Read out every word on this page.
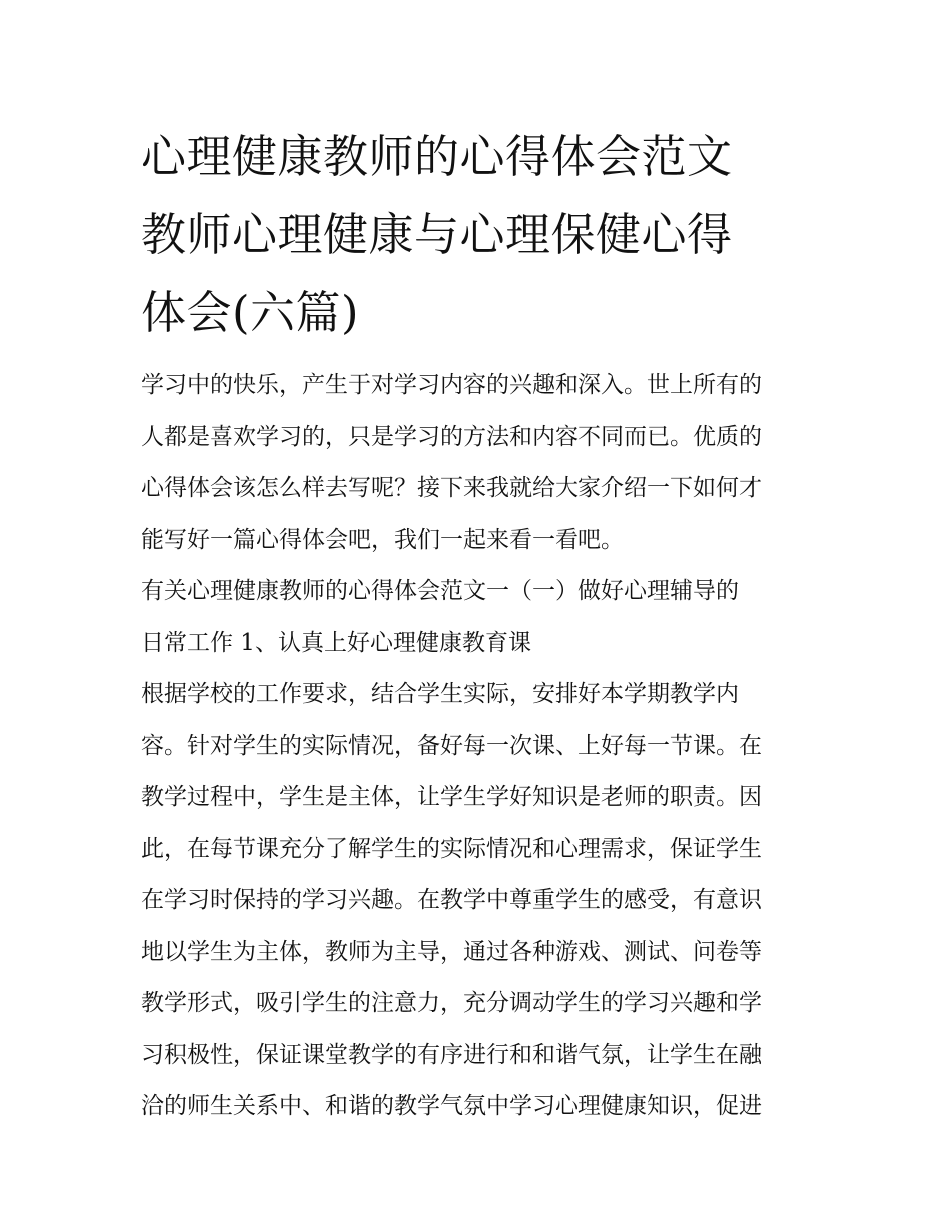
心理健康教师的心得体会范文
教师心理健康与心理保健心得
体会(六篇)

学习中的快乐，产生于对学习内容的兴趣和深入。世上所有的
人都是喜欢学习的，只是学习的方法和内容不同而已。优质的
心得体会该怎么样去写呢？接下来我就给大家介绍一下如何才
能写好一篇心得体会吧，我们一起来看一看吧。

有关心理健康教师的心得体会范文一（一）做好心理辅导的
日常工作 1、认真上好心理健康教育课

根据学校的工作要求，结合学生实际，安排好本学期教学内
容。针对学生的实际情况，备好每一次课、上好每一节课。在
教学过程中，学生是主体，让学生学好知识是老师的职责。因
此，在每节课充分了解学生的实际情况和心理需求，保证学生
在学习时保持的学习兴趣。在教学中尊重学生的感受，有意识
地以学生为主体，教师为主导，通过各种游戏、测试、问卷等
教学形式，吸引学生的注意力，充分调动学生的学习兴趣和学
习积极性，保证课堂教学的有序进行和和谐气氛，让学生在融
洽的师生关系中、和谐的教学气氛中学习心理健康知识，促进
